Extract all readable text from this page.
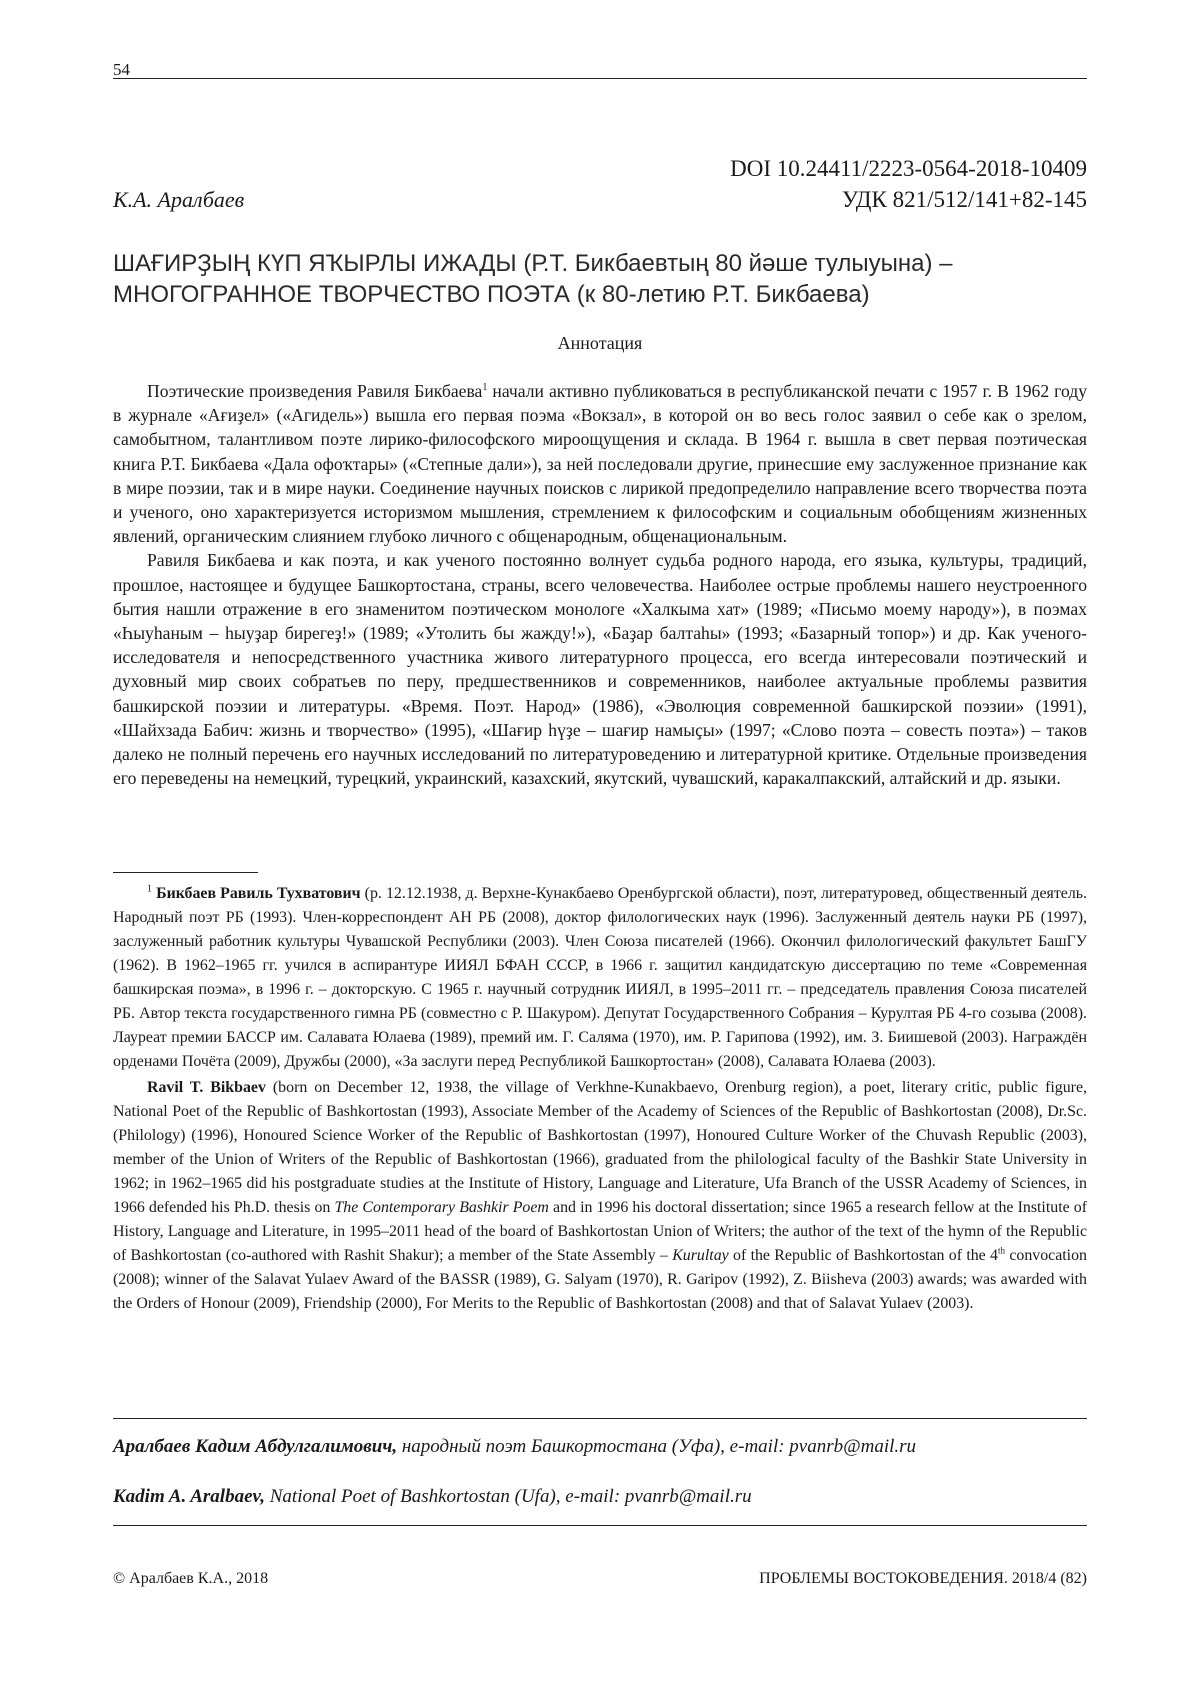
54
DOI 10.24411/2223-0564-2018-10409
К.А. Аралбаев	УДК 821/512/141+82-145
ШАҒИРҘЫҢ КҮП ЯҠЫРЛЫ ИЖАДЫ (Р.Т. Бикбаевтың 80 йәше тулыуына) –
МНОГОГРАННОЕ ТВОРЧЕСТВО ПОЭТА (к 80-летию Р.Т. Бикбаева)
Аннотация

Поэтические произведения Равиля Бикбаева$^1$ начали активно публиковаться в республиканской печати с 1957 г. В 1962 году в журнале «Ағиҙел» («Агидель») вышла его первая поэма «Вокзал», в которой он во весь голос заявил о себе как о зрелом, самобытном, талантливом поэте лирико-философского мироощущения и склада. В 1964 г. вышла в свет первая поэтическая книга Р.Т. Бикбаева «Дала офоҡтары» («Степные дали»), за ней последовали другие, принесшие ему заслуженное признание как в мире поэзии, так и в мире науки. Соединение научных поисков с лирикой предопределило направление всего творчества поэта и ученого, оно характеризуется историзмом мышления, стремлением к философским и социальным обобщениям жизненных явлений, органическим слиянием глубоко личного с общенародным, общенациональным.

Равиля Бикбаева и как поэта, и как ученого постоянно волнует судьба родного народа, его языка, культуры, традиций, прошлое, настоящее и будущее Башкортостана, страны, всего человечества. Наиболее острые проблемы нашего неустроенного бытия нашли отражение в его знаменитом поэтическом монологе «Халкыма хат» (1989; «Письмо моему народу»), в поэмах «Һыуһаным – һыуҙар бирегеҙ!» (1989; «Утолить бы жажду!»), «Баҙар балтаһы» (1993; «Базарный топор») и др. Как ученого-исследователя и непосредственного участника живого литературного процесса, его всегда интересовали поэтический и духовный мир своих собратьев по перу, предшественников и современников, наиболее актуальные проблемы развития башкирской поэзии и литературы. «Время. Поэт. Народ» (1986), «Эволюция современной башкирской поэзии» (1991), «Шайхзада Бабич: жизнь и творчество» (1995), «Шағир һүҙе – шағир намыҫы» (1997; «Слово поэта – совесть поэта») – таков далеко не полный перечень его научных исследований по литературоведению и литературной критике. Отдельные произведения его переведены на немецкий, турецкий, украинский, казахский, якутский, чувашский, каракалпакский, алтайский и др. языки.

$^1$ Бикбаев Равиль Тухватович (р. 12.12.1938, д. Верхне-Кунакбаево Оренбургской области), поэт, литературовед, общественный деятель. Народный поэт РБ (1993). Член-корреспондент АН РБ (2008), доктор филологических наук (1996). Заслуженный деятель науки РБ (1997), заслуженный работник культуры Чувашской Республики (2003). Член Союза писателей (1966). Окончил филологический факультет БашГУ (1962). В 1962–1965 гг. учился в аспирантуре ИИЯЛ БФАН СССР, в 1966 г. защитил кандидатскую диссертацию по теме «Современная башкирская поэма», в 1996 г. – докторскую. С 1965 г. научный сотрудник ИИЯЛ, в 1995–2011 гг. – председатель правления Союза писателей РБ. Автор текста государственного гимна РБ (совместно с Р. Шакуром). Депутат Государственного Собрания – Курултая РБ 4-го созыва (2008). Лауреат премии БАССР им. Салавата Юлаева (1989), премий им. Г. Саляма (1970), им. Р. Гарипова (1992), им. З. Биишевой (2003). Награждён орденами Почёта (2009), Дружбы (2000), «За заслуги перед Республикой Башкортостан» (2008), Салавата Юлаева (2003).

Ravil T. Bikbaev (born on December 12, 1938, the village of Verkhne-Kunakbaevo, Orenburg region), a poet, literary critic, public figure, National Poet of the Republic of Bashkortostan (1993), Associate Member of the Academy of Sciences of the Republic of Bashkortostan (2008), Dr.Sc. (Philology) (1996), Honoured Science Worker of the Republic of Bashkortostan (1997), Honoured Culture Worker of the Chuvash Republic (2003), member of the Union of Writers of the Republic of Bashkortostan (1966), graduated from the philological faculty of the Bashkir State University in 1962; in 1962–1965 did his postgraduate studies at the Institute of History, Language and Literature, Ufa Branch of the USSR Academy of Sciences, in 1966 defended his Ph.D. thesis on The Contemporary Bashkir Poem and in 1996 his doctoral dissertation; since 1965 a research fellow at the Institute of History, Language and Literature, in 1995–2011 head of the board of Bashkortostan Union of Writers; the author of the text of the hymn of the Republic of Bashkortostan (co-authored with Rashit Shakur); a member of the State Assembly – Kurultay of the Republic of Bashkortostan of the 4th convocation (2008); winner of the Salavat Yulaev Award of the BASSR (1989), G. Salyam (1970), R. Garipov (1992), Z. Biisheva (2003) awards; was awarded with the Orders of Honour (2009), Friendship (2000), For Merits to the Republic of Bashkortostan (2008) and that of Salavat Yulaev (2003).

Аралбаев Кадим Абдулгалимович, народный поэт Башкортостана (Уфа), e-mail: pvanrb@mail.ru
Kadim A. Aralbaev, National Poet of Bashkortostan (Ufa), e-mail: pvanrb@mail.ru
© Аралбаев К.А., 2018	ПРОБЛЕМЫ ВОСТОКОВЕДЕНИЯ. 2018/4 (82)
